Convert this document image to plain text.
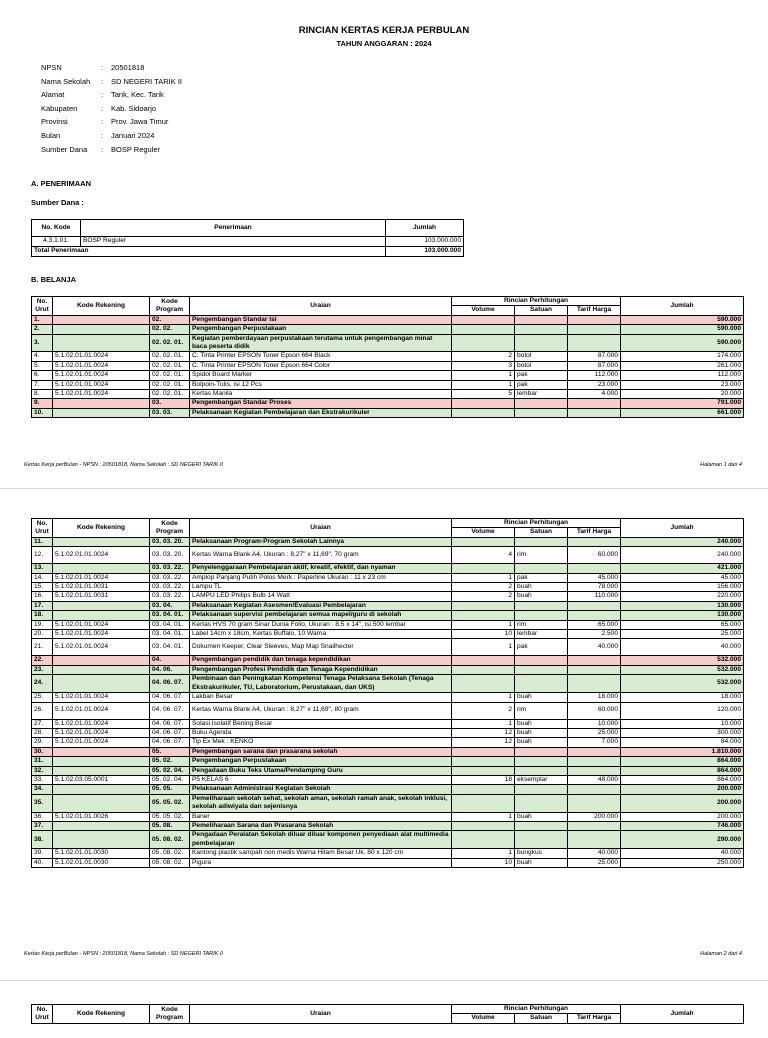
RINCIAN KERTAS KERJA PERBULAN
TAHUN ANGGARAN : 2024
NPSN	:	20501818
Nama Sekolah	:	SD NEGERI TARIK II
Alamat	:	Tarik, Kec. Tarik
Kabupaten	:	Kab. Sidoarjo
Provinsi	:	Prov. Jawa Timur
Bulan	:	Januari 2024
Sumber Dana	:	BOSP Reguler
A. PENERIMAAN
Sumber Dana :
No. Kode	Penerimaan	Jumlah
4.3.1.01.	BOSP Reguler	103.000.000
Total Penerimaan		103.000.000
B. BELANJA
No. Urut	Kode Rekening	Kode Program	Uraian	Rincian Perhitungan			Jumlah
				Volume	Satuan	Tarif Harga	
1.		02.	Pengembangan Standar Isi				590.000
2.		02. 02.	Pengembangan Perpustakaan				590.000
3.		02. 02. 01.	Kegiatan pemberdayaan perpustakaan terutama untuk pengembangan minat baca peserta didik				590.000
4.	5.1.02.01.01.0024	02. 02. 01.	C. Tinta Printer EPSON Toner Epson 664 Black	2	botol	87.000	174.000
5.	5.1.02.01.01.0024	02. 02. 01.	C. Tinta Printer EPSON Toner Epson 664 Color	3	botol	87.000	261.000
6.	5.1.02.01.01.0024	02. 02. 01.	Spidol Board Marker	1	pak	112.000	112.000
7.	5.1.02.01.01.0024	02. 02. 01.	Bolpoin-Tulis, isi 12 Pcs	1	pak	23.000	23.000
8.	5.1.02.01.01.0024	02. 02. 01.	Kertas Manila	5	lembar	4.000	20.000
9.		03.	Pengembangan Standar Proses				791.000
10.		03. 03.	Pelaksanaan Kegiatan Pembelajaran dan Ekstrakurikuler				661.000
Kertas Kerja perBulan - NPSN : 20501818, Nama Sekolah : SD NEGERI TARIK II	Halaman 1 dari 4
No. Urut	Kode Rekening	Kode Program	Uraian	Rincian Perhitungan			Jumlah
				Volume	Satuan	Tarif Harga	
11.		03. 03. 20.	Pelaksanaan Program-Program Sekolah Lainnya				240.000
12.	5.1.02.01.01.0024	03. 03. 20.	Kertas Warna Blank A4, Ukuran : 8,27" x 11,69", 70 gram	4	rim	60.000	240.000
13.		03. 03. 22.	Penyelenggaraan Pembelajaran aktif, kreatif, efektif, dan nyaman				421.000
14.	5.1.02.01.01.0024	03. 03. 22.	Amplop Panjang Putih Polos Merk : Paperline Ukuran : 11 x 23 cm	1	pak	45.000	45.000
15.	5.1.02.01.01.0031	03. 03. 22.	Lampu TL	2	buah	78.000	156.000
16.	5.1.02.01.01.0031	03. 03. 22.	LAMPU LED Philips Bulb 14 Watt	2	buah	110.000	220.000
17.		03. 04.	Pelaksanaan Kegiatan Asesmen/Evaluasi Pembelajaran				130.000
18.		03. 04. 01.	Pelaksanaan supervisi pembelajaran semua mapel/guru di sekolah				130.000
19.	5.1.02.01.01.0024	03. 04. 01.	Kertas HVS 70 gram Sinar Dunia Folio, Ukuran : 8,5 x 14", isi 500 lembar	1	rim	65.000	65.000
20.	5.1.02.01.01.0024	03. 04. 01.	Label 14cm x 18cm, Kertas Buffalo, 10 Warna	10	lembar	2.500	25.000
21.	5.1.02.01.01.0024	03. 04. 01.	Dokumen Keeper, Clear Sleeves, Map Map Snailhecter	1	pak	40.000	40.000
22.		04.	Pengembangan pendidik dan tenaga kependidikan				532.000
23.		04. 06.	Pengembangan Profesi Pendidik dan Tenaga Kependidikan				532.000
24.		04. 06. 07.	Pembinaan dan Peningkatan Kompetensi Tenaga Pelaksana Sekolah (Tenaga Ekstrakurikuler, TU, Laboratorium, Perustakaan, dan UKS)				532.000
25.	5.1.02.01.01.0024	04. 06. 07.	Lakban Besar	1	buah	18.000	18.000
26.	5.1.02.01.01.0024	04. 06. 07.	Kertas Warna Blank A4, Ukuran : 8,27" x 11,69", 80 gram	2	rim	60.000	120.000
27.	5.1.02.01.01.0024	04. 06. 07.	Solasi Isolatif Bening Besar	1	buah	10.000	10.000
28.	5.1.02.01.01.0024	04. 06. 07.	Buku Agenda	12	buah	25.000	300.000
29.	5.1.02.01.01.0024	04. 06. 07.	Tip Ex Mek : KENKO	12	buah	7.000	84.000
30.		05.	Pengembangan sarana dan prasarana sekolah				1.810.000
31.		05. 02.	Pengembangan Perpustakaan				864.000
32.		05. 02. 04.	Pengadaan Buku Teks Utama/Pendamping Guru				864.000
33.	5.1.02.03.05.0001	05. 02. 04.	P5 KELAS 6	18	eksemplar	48.000	864.000
34.		05. 05.	Pelaksanaan Administrasi Kegiatan Sekolah				200.000
35.		05. 05. 02.	Pemeliharaan sekolah sehat, sekolah aman, sekolah ramah anak, sekolah inklusi, sekolah adiwiyata dan sejenisnya				200.000
36.	5.1.02.01.01.0026	05. 05. 02.	Baner	1	buah	200.000	200.000
37.		05. 08.	Pemeliharaan Sarana dan Prasarana Sekolah				746.000
38.		05. 08. 02.	Pengadaan Peralatan Sekolah diluar diluar komponen penyediaan alat multimedia pembelajaran				290.000
39.	5.1.02.01.01.0030	05. 08. 02.	Kantong plastik sampah non medis Warna Hitam Besar Uk. 80 x 120 cm	1	bungkus	40.000	40.000
40.	5.1.02.01.01.0030	05. 08. 02.	Pigura	10	buah	25.000	250.000
Kertas Kerja perBulan - NPSN : 20501818, Nama Sekolah : SD NEGERI TARIK II	Halaman 2 dari 4
No. Urut	Kode Rekening	Kode Program	Uraian	Rincian Perhitungan			Jumlah
				Volume	Satuan	Tarif Harga	
